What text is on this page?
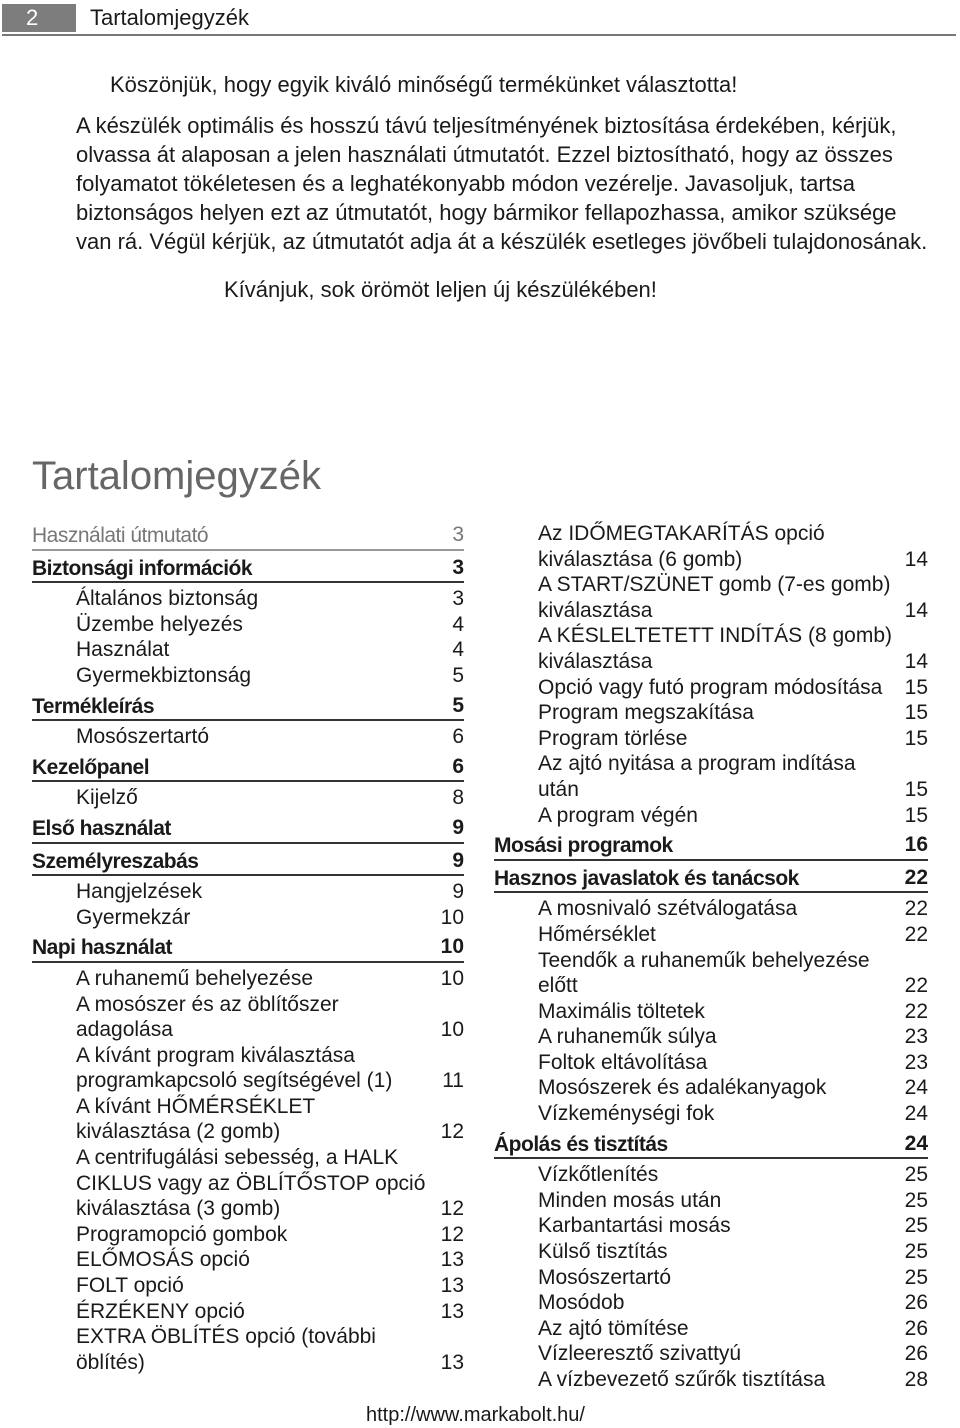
2	Tartalomjegyzék

Köszönjük, hogy egyik kiváló minőségű termékünket választotta!

A készülék optimális és hosszú távú teljesítményének biztosítása érdekében, kérjük, olvassa át alaposan a jelen használati útmutatót. Ezzel biztosítható, hogy az összes folyamatot tökéletesen és a leghatékonyabb módon vezérelje. Javasoljuk, tartsa biztonságos helyen ezt az útmutatót, hogy bármikor fellapozhassa, amikor szüksége van rá. Végül kérjük, az útmutatót adja át a készülék esetleges jövőbeli tulajdonosának.

Kívánjuk, sok örömöt leljen új készülékében!

Tartalomjegyzék
Használati útmutató	3
Biztonsági információk	3
Általános biztonság	3
Üzembe helyezés	4
Használat	4
Gyermekbiztonság	5
Termékleírás	5
Mosószertartó	6
Kezelőpanel	6
Kijelző	8
Első használat	9
Személyreszabás	9
Hangjelzések	9
Gyermekzár	10
Napi használat	10
A ruhanemű behelyezése	10
A mosószer és az öblítőszer adagolása	10
A kívánt program kiválasztása programkapcsoló segítségével (1)	11
A kívánt HŐMÉRSÉKLET kiválasztása (2 gomb)	12
A centrifugálási sebesség, a HALK CIKLUS vagy az ÖBLÍTŐSTOP opció kiválasztása (3 gomb)	12
Programopció gombok	12
ELŐMOSÁS opció	13
FOLT opció	13
ÉRZÉKENY opció	13
EXTRA ÖBLÍTÉS opció (további öblítés)	13
Az IDŐMEGTAKARÍTÁS opció kiválasztása (6 gomb)	14
A START/SZÜNET gomb (7-es gomb) kiválasztása	14
A KÉSLELTETETT INDÍTÁS (8 gomb) kiválasztása	14
Opció vagy futó program módosítása	15
Program megszakítása	15
Program törlése	15
Az ajtó nyitása a program indítása után	15
A program végén	15
Mosási programok	16
Hasznos javaslatok és tanácsok	22
A mosnivaló szétválogatása	22
Hőmérséklet	22
Teendők a ruhaneműk behelyezése előtt	22
Maximális töltetek	22
A ruhaneműk súlya	23
Foltok eltávolítása	23
Mosószerek és adalékanyagok	24
Vízkeménységi fok	24
Ápolás és tisztítás	24
Vízkőtlenítés	25
Minden mosás után	25
Karbantartási mosás	25
Külső tisztítás	25
Mosószertartó	25
Mosódob	26
Az ajtó tömítése	26
Vízleeresztő szivattyú	26
A vízbevezető szűrők tisztítása	28
http://www.markabolt.hu/
